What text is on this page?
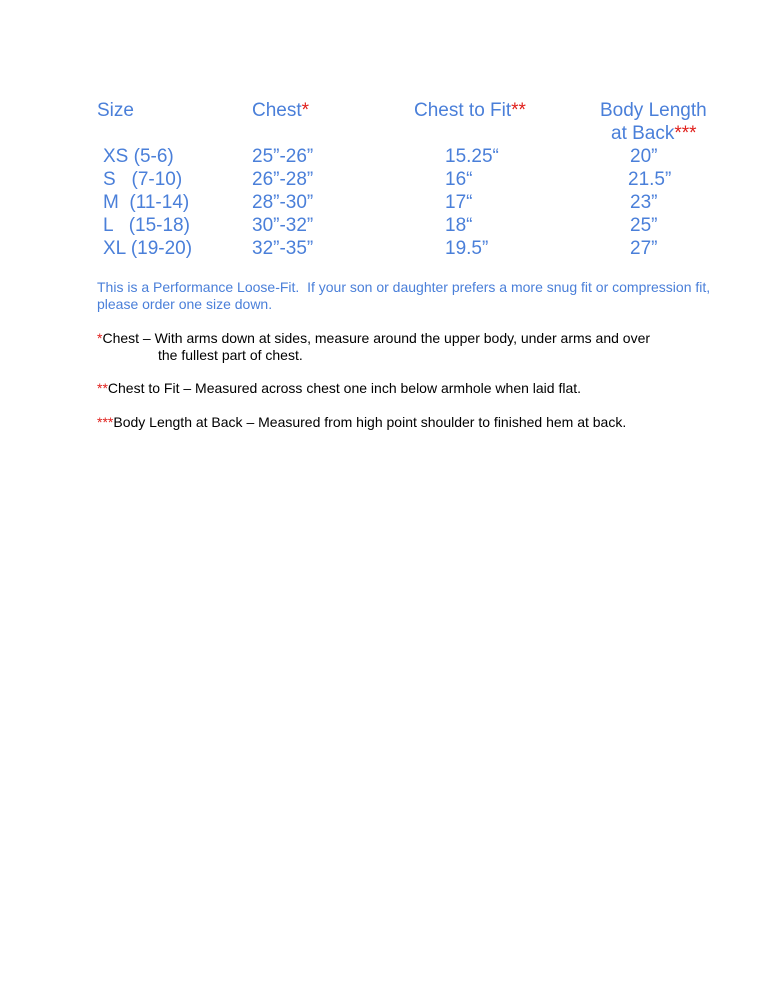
Size	Chest*	Chest to Fit**	Body Length
at Back***
XS (5-6)	25”-26”	15.25“	20”
S   (7-10)	26”-28”	16“	21.5”
M  (11-14)	28”-30”	17“	23”
L   (15-18)	30”-32”	18“	25”
XL (19-20)	32”-35”	19.5”	27”
This is a Performance Loose-Fit.  If your son or daughter prefers a more snug fit or compression fit,
please order one size down.
*Chest – With arms down at sides, measure around the upper body, under arms and over
the fullest part of chest.
**Chest to Fit – Measured across chest one inch below armhole when laid flat.
***Body Length at Back – Measured from high point shoulder to finished hem at back.
